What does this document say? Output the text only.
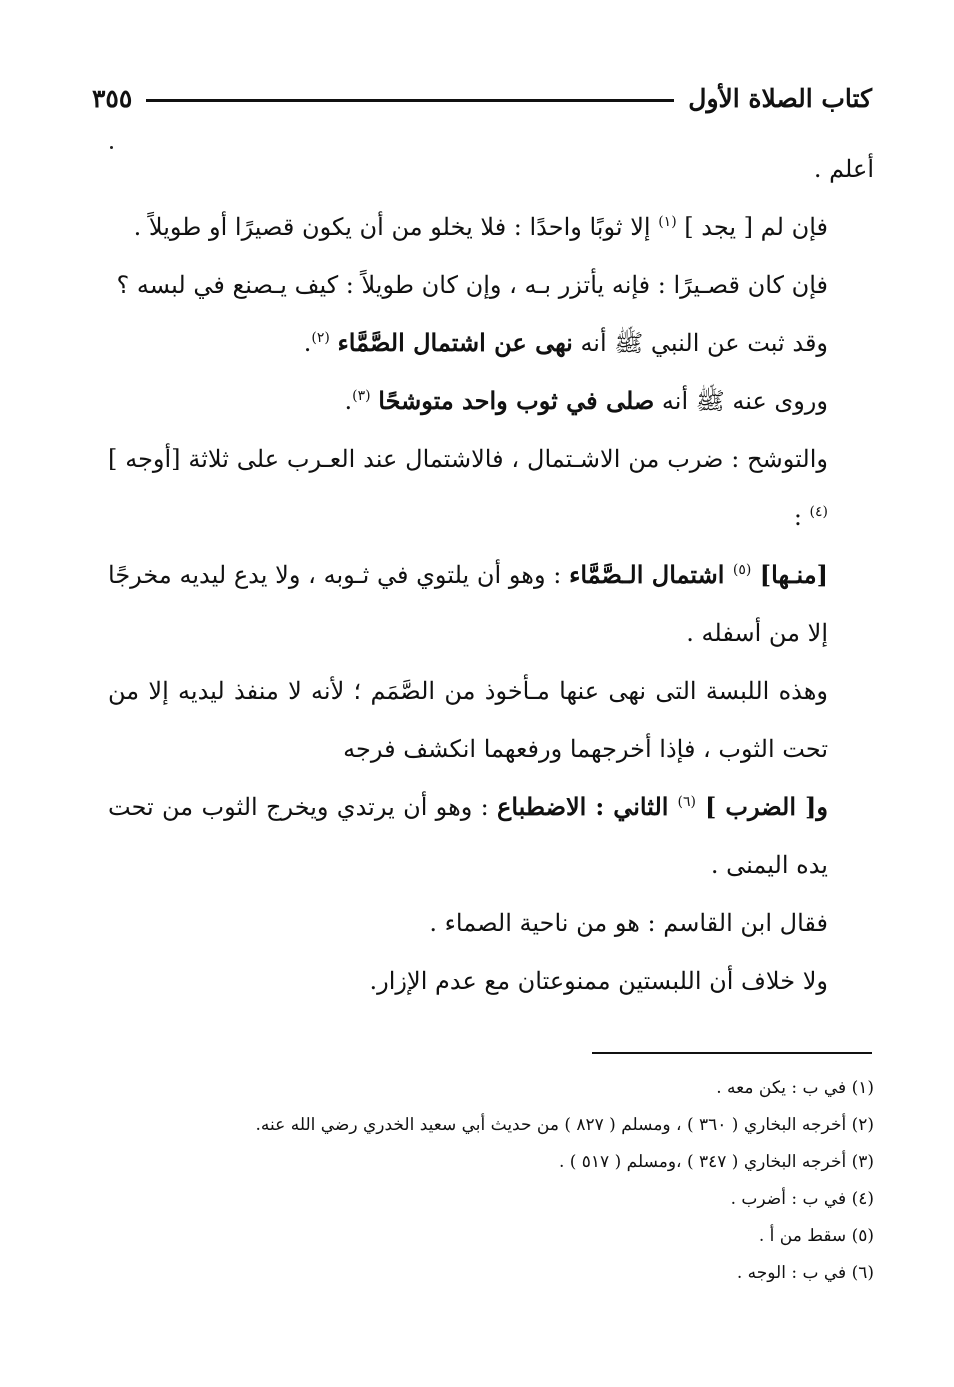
كتاب الصلاة الأول
٣٥٥

أعلم .

فإن لم [ يجد ] $^{(١)}$ إلا ثوبًا واحدًا : فلا يخلو من أن يكون قصيرًا أو طويلاً .

فإن كان قصـيرًا : فإنه يأتزر بـه ، وإن كان طويلاً : كيف يـصنع في لبسه ؟

وقد ثبت عن النبي ﷺ أنه نهى عن اشتمال الصَّمَّاء $^{(٢)}$.

وروى عنه ﷺ أنه صلى في ثوب واحد متوشحًا $^{(٣)}$.

والتوشح : ضرب من الاشـتمال ، فالاشتمال عند العـرب على ثلاثة [أوجه ] $^{(٤)}$ :

[منـها] $^{(٥)}$ اشتمال الـصَّمَّاء : وهو أن يلتوي في ثـوبه ، ولا يدع ليديه مخرجًا إلا من أسفله .

وهذه اللبسة التى نهى عنها مـأخوذ من الصَّمَم ؛ لأنه لا منفذ ليديه إلا من تحت الثوب ، فإذا أخرجهما ورفعهما انكشف فرجه

و[ الضرب ] $^{(٦)}$ الثاني : الاضطباع : وهو أن يرتدي ويخرج الثوب من تحت يده اليمنى .

فقال ابن القاسم : هو من ناحية الصماء .

ولا خلاف أن اللبستين ممنوعتان مع عدم الإزار.

(١) في ب : يكن معه .
(٢) أخرجه البخاري ( ٣٦٠ ) ، ومسلم ( ٨٢٧ ) من حديث أبي سعيد الخدري رضي الله عنه.
(٣) أخرجه البخاري ( ٣٤٧ ) ،ومسلم ( ٥١٧ ) .
(٤) في ب : أضرب .
(٥) سقط من أ .
(٦) في ب : الوجه .
